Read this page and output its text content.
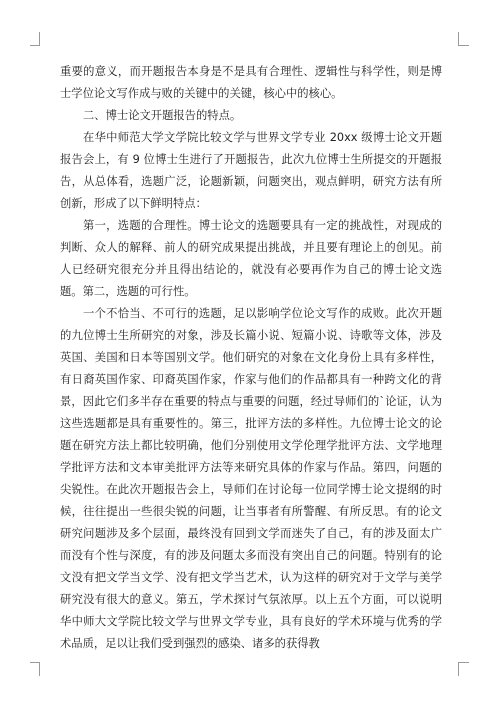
重要的意义，而开题报告本身是不是具有合理性、逻辑性与科学性，则是博士学位论文写作成与败的关键中的关键，核心中的核心。

二、博士论文开题报告的特点。

在华中师范大学文学院比较文学与世界文学专业 20xx 级博士论文开题报告会上，有 9 位博士生进行了开题报告，此次九位博士生所提交的开题报告，从总体看，选题广泛，论题新颖，问题突出，观点鲜明，研究方法有所创新，形成了以下鲜明特点：

第一，选题的合理性。博士论文的选题要具有一定的挑战性，对现成的判断、众人的解释、前人的研究成果提出挑战，并且要有理论上的创见。前人已经研究很充分并且得出结论的，就没有必要再作为自己的博士论文选题。第二，选题的可行性。

一个不恰当、不可行的选题，足以影响学位论文写作的成败。此次开题的九位博士生所研究的对象，涉及长篇小说、短篇小说、诗歌等文体，涉及英国、美国和日本等国别文学。他们研究的对象在文化身份上具有多样性，有日裔英国作家、印裔英国作家，作家与他们的作品都具有一种跨文化的背景，因此它们多半存在重要的特点与重要的问题，经过导师们的`论证，认为这些选题都是具有重要性的。第三，批评方法的多样性。九位博士论文的论题在研究方法上都比较明确，他们分别使用文学伦理学批评方法、文学地理学批评方法和文本审美批评方法等来研究具体的作家与作品。第四，问题的尖锐性。在此次开题报告会上，导师们在讨论每一位同学博士论文提纲的时候，往往提出一些很尖锐的问题，让当事者有所警醒、有所反思。有的论文研究问题涉及多个层面，最终没有回到文学而迷失了自己，有的涉及面太广而没有个性与深度，有的涉及问题太多而没有突出自己的问题。特别有的论文没有把文学当文学、没有把文学当艺术，认为这样的研究对于文学与美学研究没有很大的意义。第五，学术探讨气氛浓厚。以上五个方面，可以说明华中师大文学院比较文学与世界文学专业，具有良好的学术环境与优秀的学术品质，足以让我们受到强烈的感染、诸多的获得教
